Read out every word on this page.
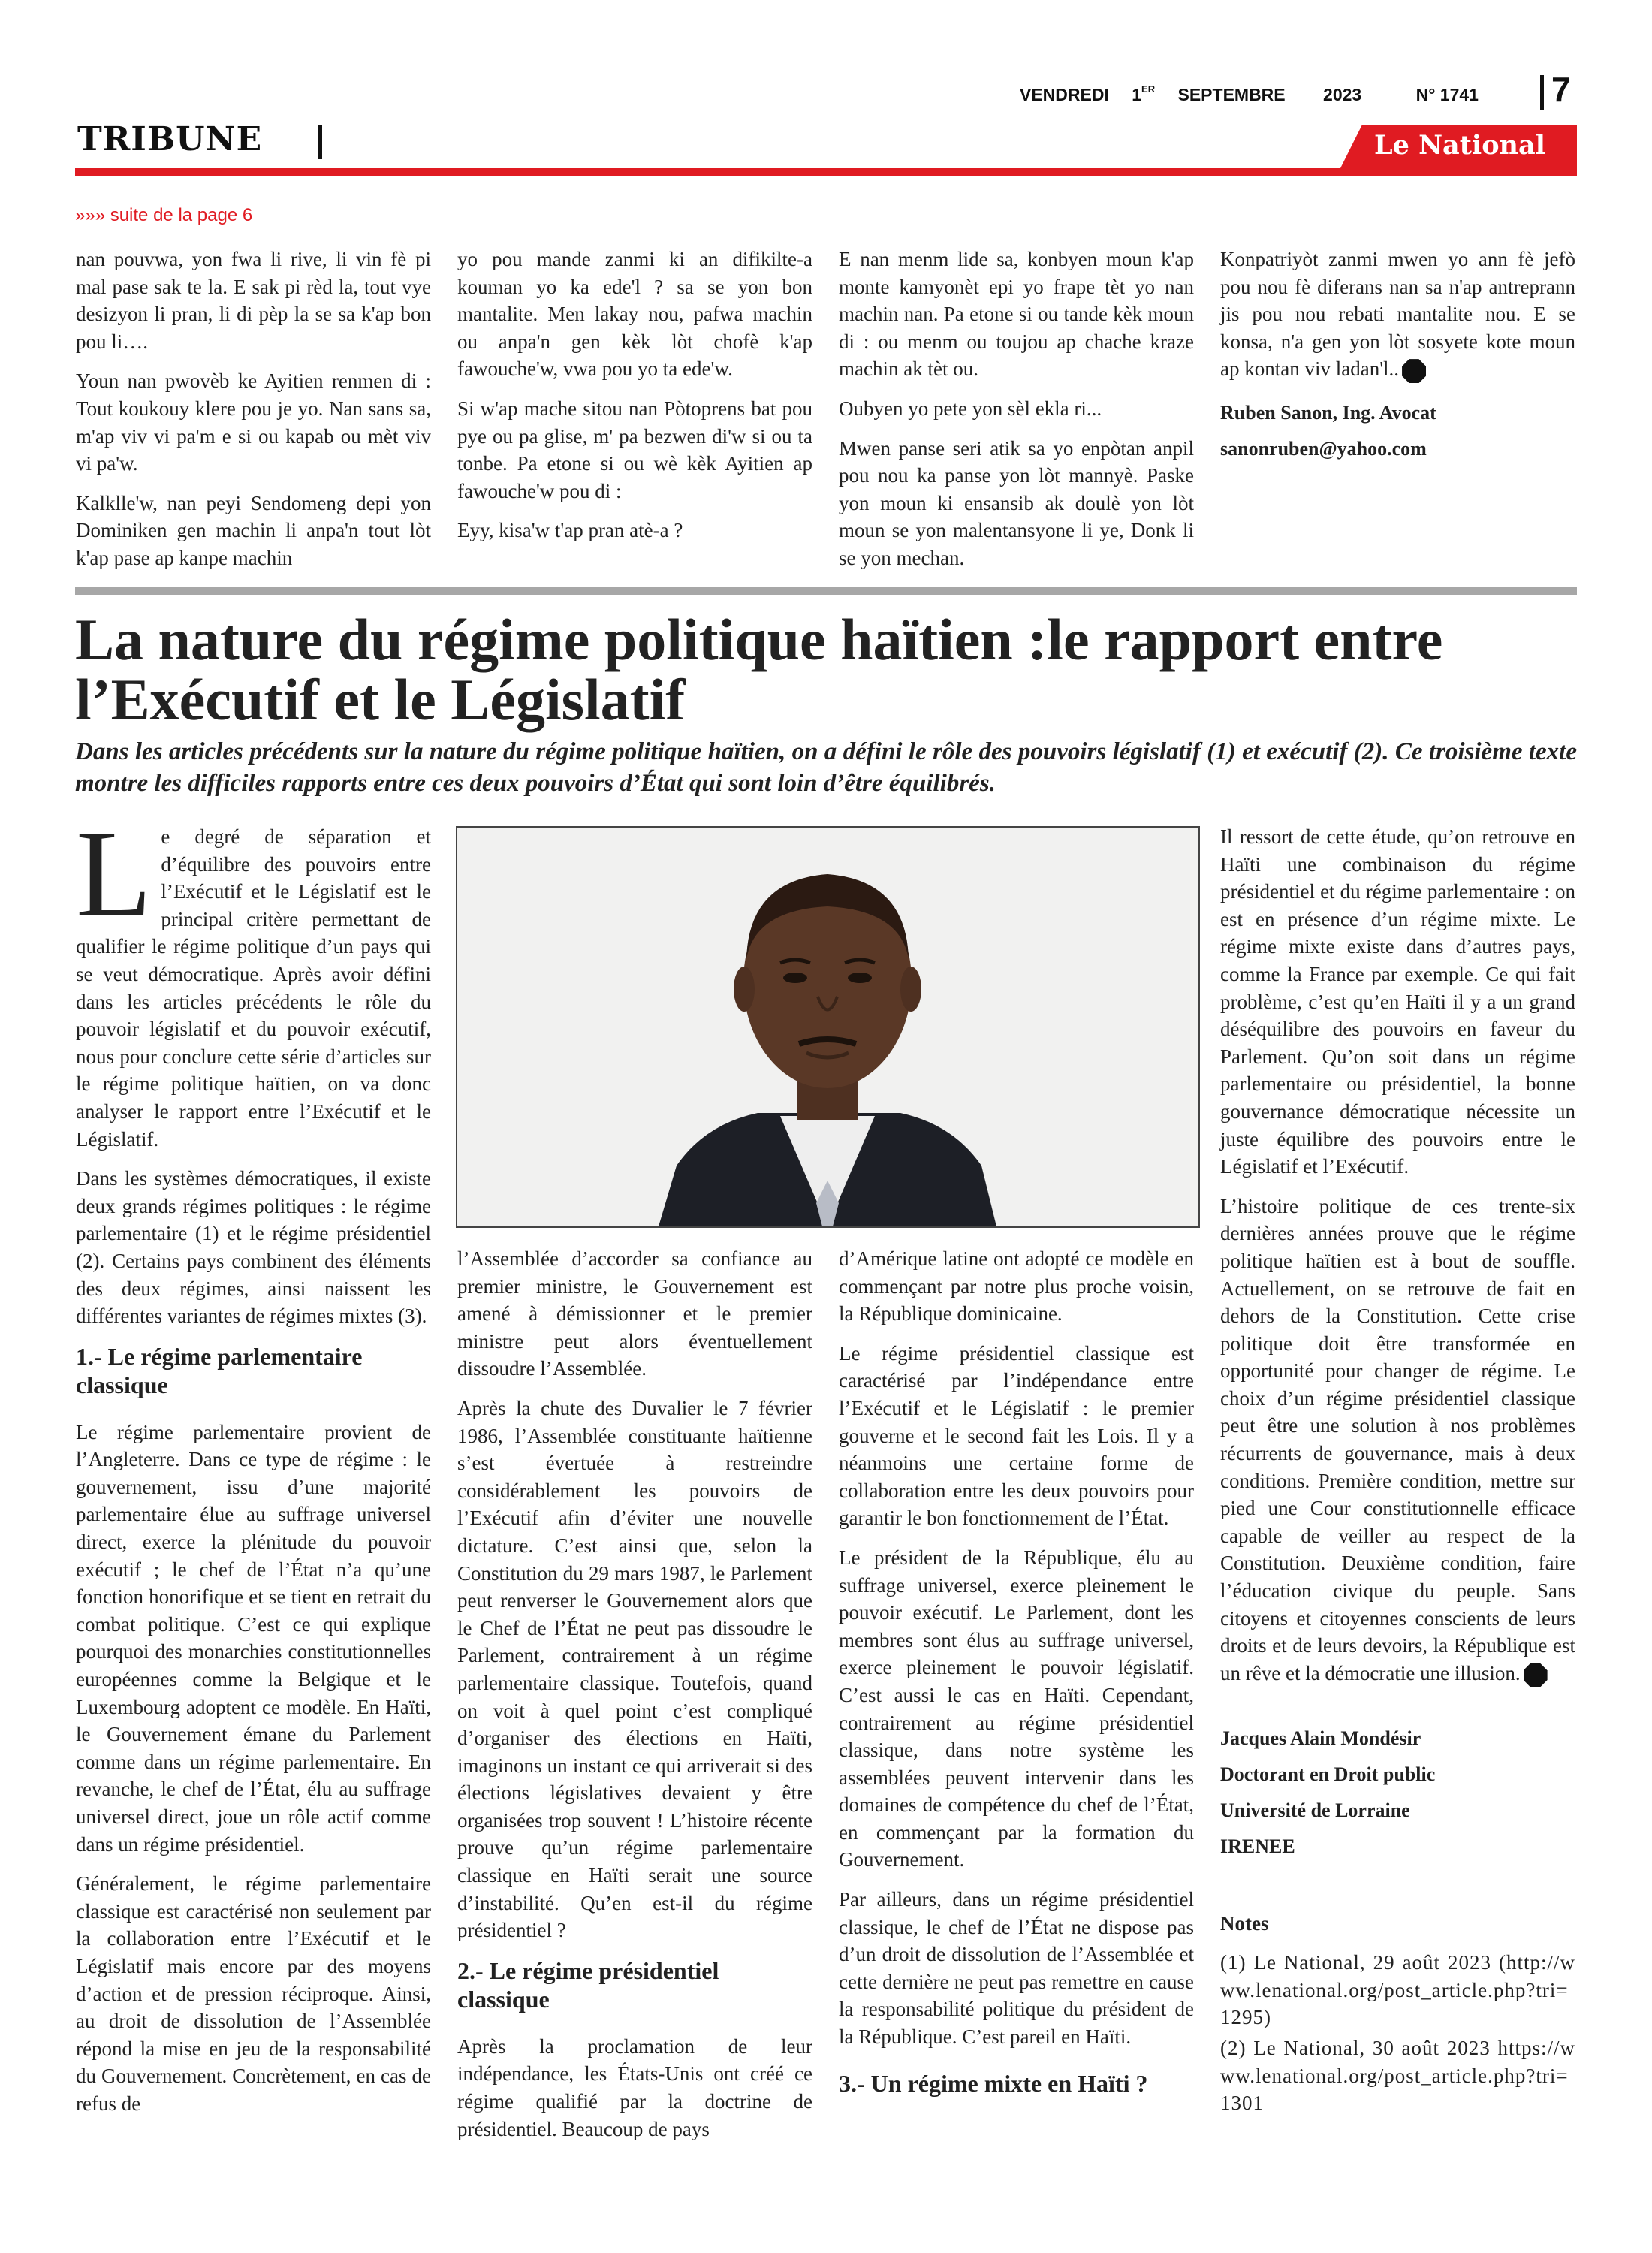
VENDREDI 1ER SEPTEMBRE 2023	N° 1741 7
TRIBUNE	Le National
»»» suite de la page 6

nan pouvwa, yon fwa li rive, li vin fè pi mal pase sak te la. E sak pi rèd la, tout vye desizyon li pran, li di pèp la se sa k'ap bon pou li….

Youn nan pwovèb ke Ayitien renmen di : Tout koukouy klere pou je yo. Nan sans sa, m'ap viv vi pa'm e si ou kapab ou mèt viv vi pa'w.

Kalklle'w, nan peyi Sendomeng depi yon Dominiken gen machin li anpa'n tout lòt k'ap pase ap kanpe machin

yo pou mande zanmi ki an difikilte-a kouman yo ka ede'l ? sa se yon bon mantalite. Men lakay nou, pafwa machin ou anpa'n gen kèk lòt chofè k'ap fawouche'w, vwa pou yo ta ede'w.

Si w'ap mache sitou nan Pòtoprens bat pou pye ou pa glise, m' pa bezwen di'w si ou ta tonbe. Pa etone si ou wè kèk Ayitien ap fawouche'w pou di :

Eyy, kisa'w t'ap pran atè-a ?

E nan menm lide sa, konbyen moun k'ap monte kamyonèt epi yo frape tèt yo nan machin nan. Pa etone si ou tande kèk moun di : ou menm ou toujou ap chache kraze machin ak tèt ou.

Oubyen yo pete yon sèl ekla ri...

Mwen panse seri atik sa yo enpòtan anpil pou nou ka panse yon lòt mannyè. Paske yon moun ki ensansib ak doulè yon lòt moun se yon malentansyone li ye, Donk li se yon mechan.

Konpatriyòt zanmi mwen yo ann fè jefò pou nou fè diferans nan sa n'ap antreprann jis pou nou rebati mantalite nou. E se konsa, n'a gen yon lòt sosyete kote moun ap kontan viv ladan'l..

Ruben Sanon, Ing. Avocat
sanonruben@yahoo.com
La nature du régime politique haïtien :le rapport entre l’Exécutif et le Législatif
Dans les articles précédents sur la nature du régime politique haïtien, on a défini le rôle des pouvoirs législatif (1) et exécutif (2). Ce troisième texte montre les difficiles rapports entre ces deux pouvoirs d’État qui sont loin d’être équilibrés.

Le degré de séparation et d’équilibre des pouvoirs entre l’Exécutif et le Législatif est le principal critère permettant de qualifier le régime politique d’un pays qui se veut démocratique. Après avoir défini dans les articles précédents le rôle du pouvoir législatif et du pouvoir exécutif, nous pour conclure cette série d’articles sur le régime politique haïtien, on va donc analyser le rapport entre l’Exécutif et le Législatif.

Dans les systèmes démocratiques, il existe deux grands régimes politiques : le régime parlementaire (1) et le régime présidentiel (2). Certains pays combinent des éléments des deux régimes, ainsi naissent les différentes variantes de régimes mixtes (3).

1.- Le régime parlementaire classique

Le régime parlementaire provient de l’Angleterre. Dans ce type de régime : le gouvernement, issu d’une majorité parlementaire élue au suffrage universel direct, exerce la plénitude du pouvoir exécutif ; le chef de l’État n’a qu’une fonction honorifique et se tient en retrait du combat politique. C’est ce qui explique pourquoi des monarchies constitutionnelles européennes comme la Belgique et le Luxembourg adoptent ce modèle. En Haïti, le Gouvernement émane du Parlement comme dans un régime parlementaire. En revanche, le chef de l’État, élu au suffrage universel direct, joue un rôle actif comme dans un régime présidentiel.

Généralement, le régime parlementaire classique est caractérisé non seulement par la collaboration entre l’Exécutif et le Législatif mais encore par des moyens d’action et de pression réciproque. Ainsi, au droit de dissolution de l’Assemblée répond la mise en jeu de la responsabilité du Gouvernement. Concrètement, en cas de refus de

l’Assemblée d’accorder sa confiance au premier ministre, le Gouvernement est amené à démissionner et le premier ministre peut alors éventuellement dissoudre l’Assemblée.

Après la chute des Duvalier le 7 février 1986, l’Assemblée constituante haïtienne s’est évertuée à restreindre considérablement les pouvoirs de l’Exécutif afin d’éviter une nouvelle dictature. C’est ainsi que, selon la Constitution du 29 mars 1987, le Parlement peut renverser le Gouvernement alors que le Chef de l’État ne peut pas dissoudre le Parlement, contrairement à un régime parlementaire classique. Toutefois, quand on voit à quel point c’est compliqué d’organiser des élections en Haïti, imaginons un instant ce qui arriverait si des élections législatives devaient y être organisées trop souvent ! L’histoire récente prouve qu’un régime parlementaire classique en Haïti serait une source d’instabilité. Qu’en est-il du régime présidentiel ?

2.- Le régime présidentiel classique

Après la proclamation de leur indépendance, les États-Unis ont créé ce régime qualifié par la doctrine de présidentiel. Beaucoup de pays

d’Amérique latine ont adopté ce modèle en commençant par notre plus proche voisin, la République dominicaine.

Le régime présidentiel classique est caractérisé par l’indépendance entre l’Exécutif et le Législatif : le premier gouverne et le second fait les Lois. Il y a néanmoins une certaine forme de collaboration entre les deux pouvoirs pour garantir le bon fonctionnement de l’État.

Le président de la République, élu au suffrage universel, exerce pleinement le pouvoir exécutif. Le Parlement, dont les membres sont élus au suffrage universel, exerce pleinement le pouvoir législatif. C’est aussi le cas en Haïti. Cependant, contrairement au régime présidentiel classique, dans notre système les assemblées peuvent intervenir dans les domaines de compétence du chef de l’État, en commençant par la formation du Gouvernement.

Par ailleurs, dans un régime présidentiel classique, le chef de l’État ne dispose pas d’un droit de dissolution de l’Assemblée et cette dernière ne peut pas remettre en cause la responsabilité politique du président de la République. C’est pareil en Haïti.

3.- Un régime mixte en Haïti ?

Il ressort de cette étude, qu’on retrouve en Haïti une combinaison du régime présidentiel et du régime parlementaire : on est en présence d’un régime mixte. Le régime mixte existe dans d’autres pays, comme la France par exemple. Ce qui fait problème, c’est qu’en Haïti il y a un grand déséquilibre des pouvoirs en faveur du Parlement. Qu’on soit dans un régime parlementaire ou présidentiel, la bonne gouvernance démocratique nécessite un juste équilibre des pouvoirs entre le Législatif et l’Exécutif.

L’histoire politique de ces trente-six dernières années prouve que le régime politique haïtien est à bout de souffle. Actuellement, on se retrouve de fait en dehors de la Constitution. Cette crise politique doit être transformée en opportunité pour changer de régime. Le choix d’un régime présidentiel classique peut être une solution à nos problèmes récurrents de gouvernance, mais à deux conditions. Première condition, mettre sur pied une Cour constitutionnelle efficace capable de veiller au respect de la Constitution. Deuxième condition, faire l’éducation civique du peuple. Sans citoyens et citoyennes conscients de leurs droits et de leurs devoirs, la République est un rêve et la démocratie une illusion.

Jacques Alain Mondésir
Doctorant en Droit public
Université de Lorraine
IRENEE

Notes

(1) Le National, 29 août 2023 (http://www.lenational.org/post_article.php?tri=1295)

(2) Le National, 30 août 2023 https://www.lenational.org/post_article.php?tri=1301
